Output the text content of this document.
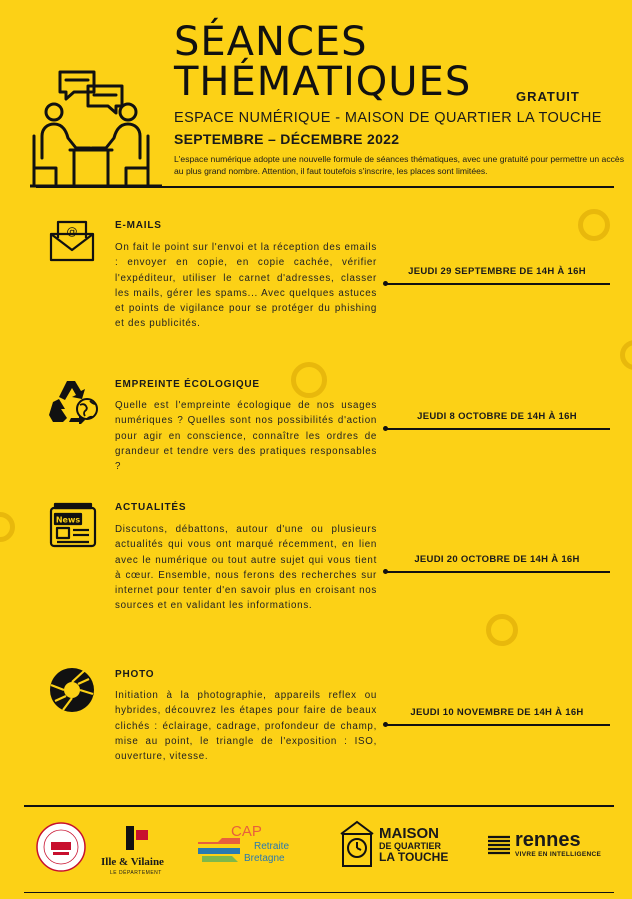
SÉANCES
THÉMATIQUES	GRATUIT
ESPACE NUMÉRIQUE - MAISON DE QUARTIER LA TOUCHE
SEPTEMBRE – DÉCEMBRE 2022
L'espace numérique adopte une nouvelle formule de séances thématiques, avec une gratuité pour permettre un accès au plus grand nombre. Attention, il faut toutefois s'inscrire, les places sont limitées.
@	E-MAILS
On fait le point sur l'envoi et la réception des emails : envoyer en copie, en copie cachée, vérifier l'expéditeur, utiliser le carnet d'adresses, classer les mails, gérer les spams... Avec quelques astuces et points de vigilance pour se protéger du phishing et des publicités.
JEUDI 29 SEPTEMBRE DE 14H À 16H
EMPREINTE ÉCOLOGIQUE
Quelle est l'empreinte écologique de nos usages numériques ? Quelles sont nos possibilités d'action pour agir en conscience, connaître les ordres de grandeur et tendre vers des pratiques responsables ?
JEUDI 8 OCTOBRE DE 14H À 16H
News
ACTUALITÉS
Discutons, débattons, autour d'une ou plusieurs actualités qui vous ont marqué récemment, en lien avec le numérique ou tout autre sujet qui vous tient à cœur. Ensemble, nous ferons des recherches sur internet pour tenter d'en savoir plus en croisant nos sources et en validant les informations.
JEUDI 20 OCTOBRE DE 14H À 16H
PHOTO
Initiation à la photographie, appareils reflex ou hybrides, découvrez les étapes pour faire de beaux clichés : éclairage, cadrage, profondeur de champ, mise au point, le triangle de l'exposition : ISO, ouverture, vitesse.
JEUDI 10 NOVEMBRE DE 14H À 16H
Ille & Vilaine
LE DÉPARTEMENT
CAP
Retraite
Bretagne
MAISON
DE QUARTIER
LA TOUCHE
rennes
VIVRE EN INTELLIGENCE
